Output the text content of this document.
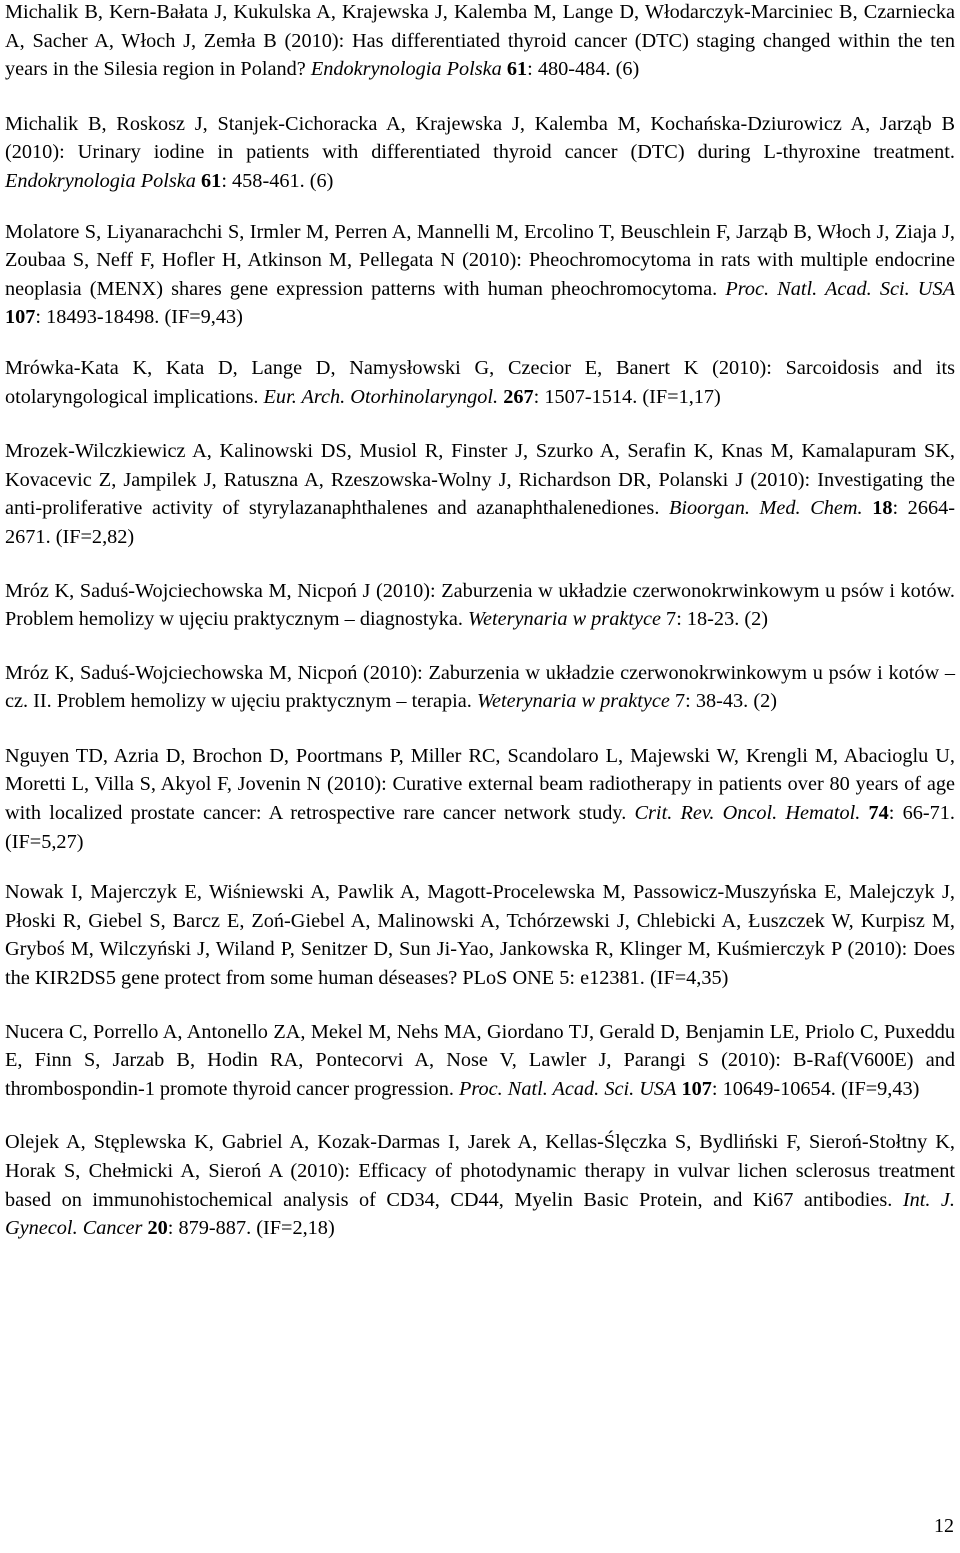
Michalik B, Kern-Bałata J, Kukulska A, Krajewska J, Kalemba M, Lange D, Włodarczyk-Marciniec B, Czarniecka A, Sacher A, Włoch J, Zemła B (2010): Has differentiated thyroid cancer (DTC) staging changed within the ten years in the Silesia region in Poland? Endokrynologia Polska 61: 480-484. (6)

Michalik B, Roskosz J, Stanjek-Cichoracka A, Krajewska J, Kalemba M, Kochańska-Dziurowicz A, Jarząb B (2010): Urinary iodine in patients with differentiated thyroid cancer (DTC) during L-thyroxine treatment. Endokrynologia Polska 61: 458-461. (6)

Molatore S, Liyanarachchi S, Irmler M, Perren A, Mannelli M, Ercolino T, Beuschlein F, Jarząb B, Włoch J, Ziaja J, Zoubaa S, Neff F, Hofler H, Atkinson M, Pellegata N (2010): Pheochromocytoma in rats with multiple endocrine neoplasia (MENX) shares gene expression patterns with human pheochromocytoma. Proc. Natl. Acad. Sci. USA 107: 18493-18498. (IF=9,43)

Mrówka-Kata K, Kata D, Lange D, Namysłowski G, Czecior E, Banert K (2010): Sarcoidosis and its otolaryngological implications. Eur. Arch. Otorhinolaryngol. 267: 1507-1514. (IF=1,17)

Mrozek-Wilczkiewicz A, Kalinowski DS, Musiol R, Finster J, Szurko A, Serafin K, Knas M, Kamalapuram SK, Kovacevic Z, Jampilek J, Ratuszna A, Rzeszowska-Wolny J, Richardson DR, Polanski J (2010): Investigating the anti-proliferative activity of styrylazanaphthalenes and azanaphthalenediones. Bioorgan. Med. Chem. 18: 2664-2671. (IF=2,82)

Mróz K, Saduś-Wojciechowska M, Nicpoń J (2010): Zaburzenia w układzie czerwonokrwinkowym u psów i kotów. Problem hemolizy w ujęciu praktycznym – diagnostyka. Weterynaria w praktyce 7: 18-23. (2)

Mróz K, Saduś-Wojciechowska M, Nicpoń (2010): Zaburzenia w układzie czerwonokrwinkowym u psów i kotów – cz. II. Problem hemolizy w ujęciu praktycznym – terapia. Weterynaria w praktyce 7: 38-43. (2)

Nguyen TD, Azria D, Brochon D, Poortmans P, Miller RC, Scandolaro L, Majewski W, Krengli M, Abacioglu U, Moretti L, Villa S, Akyol F, Jovenin N (2010): Curative external beam radiotherapy in patients over 80 years of age with localized prostate cancer: A retrospective rare cancer network study. Crit. Rev. Oncol. Hematol. 74: 66-71. (IF=5,27)

Nowak I, Majerczyk E, Wiśniewski A, Pawlik A, Magott-Procelewska M, Passowicz-Muszyńska E, Malejczyk J, Płoski R, Giebel S, Barcz E, Zoń-Giebel A, Malinowski A, Tchórzewski J, Chlebicki A, Łuszczek W, Kurpisz M, Gryboś M, Wilczyński J, Wiland P, Senitzer D, Sun Ji-Yao, Jankowska R, Klinger M, Kuśmierczyk P (2010): Does the KIR2DS5 gene protect from some human déseases? PLoS ONE 5: e12381. (IF=4,35)

Nucera C, Porrello A, Antonello ZA, Mekel M, Nehs MA, Giordano TJ, Gerald D, Benjamin LE, Priolo C, Puxeddu E, Finn S, Jarzab B, Hodin RA, Pontecorvi A, Nose V, Lawler J, Parangi S (2010): B-Raf(V600E) and thrombospondin-1 promote thyroid cancer progression. Proc. Natl. Acad. Sci. USA 107: 10649-10654. (IF=9,43)

Olejek A, Stęplewska K, Gabriel A, Kozak-Darmas I, Jarek A, Kellas-Ślęczka S, Bydliński F, Sieroń-Stołtny K, Horak S, Chełmicki A, Sieroń A (2010): Efficacy of photodynamic therapy in vulvar lichen sclerosus treatment based on immunohistochemical analysis of CD34, CD44, Myelin Basic Protein, and Ki67 antibodies. Int. J. Gynecol. Cancer 20: 879-887. (IF=2,18)

12
